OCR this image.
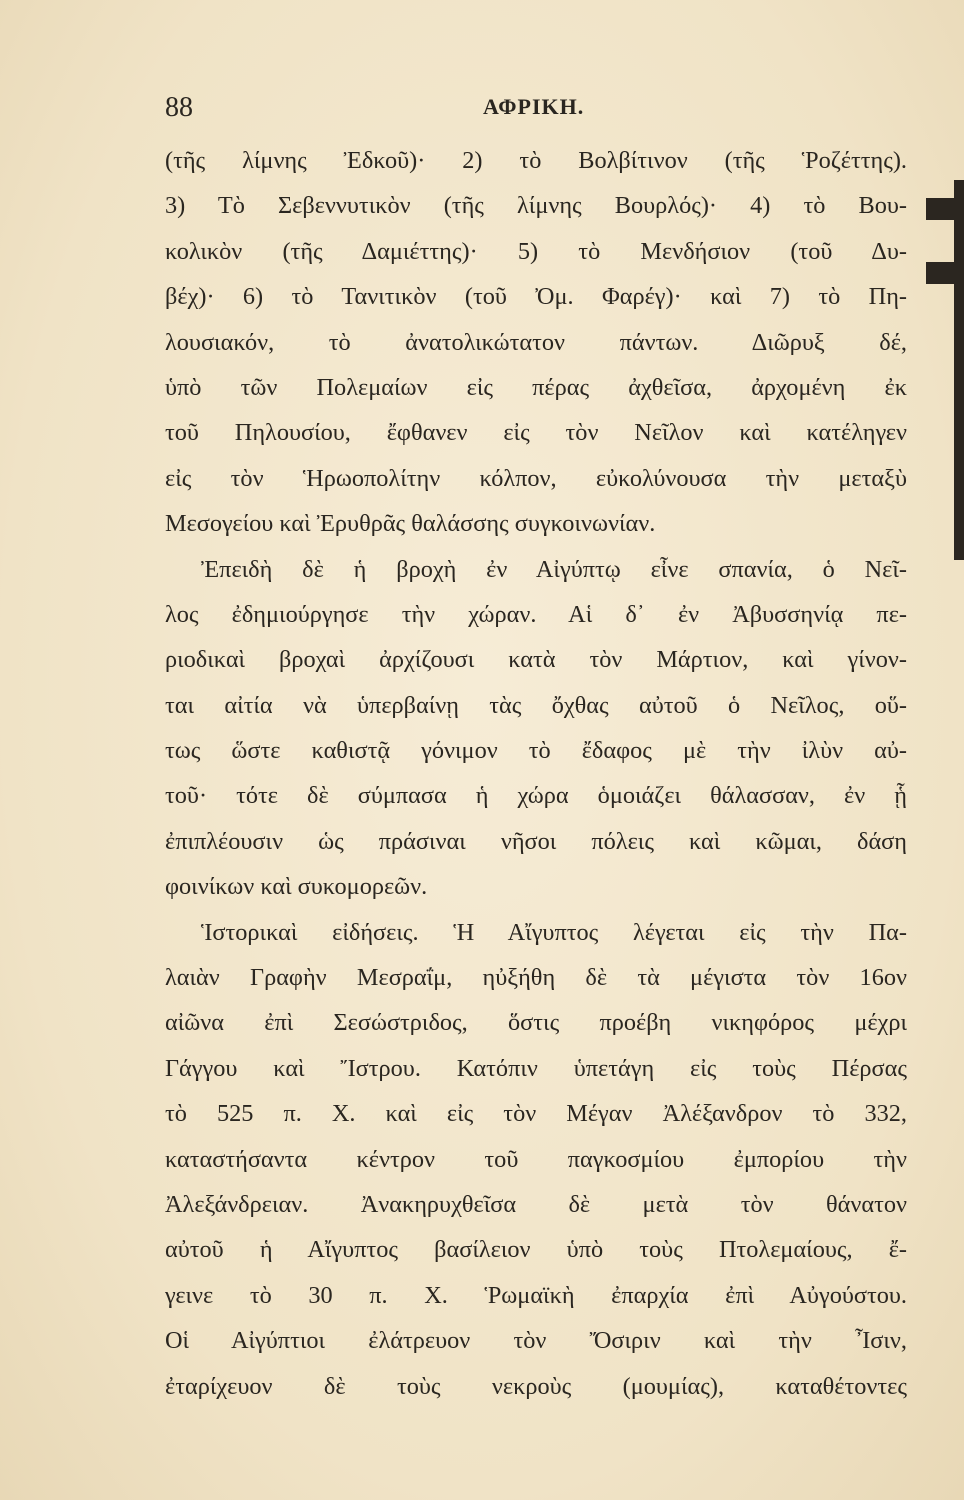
88	ΑΦΡΙΚΗ.
(τῆς λίμνης Ἐδκοῦ)· 2) τὸ Βολβίτινον (τῆς Ῥοζέττης).
3) Τὸ Σεβεννυτικὸν (τῆς λίμνης Βουρλός)· 4) τὸ Βου-
κολικὸν (τῆς Δαμιέττης)· 5) τὸ Μενδήσιον (τοῦ Δυ-
βέχ)· 6) τὸ Τανιτικὸν (τοῦ Ὀμ. Φαρέγ)· καὶ 7) τὸ Πη-
λουσιακόν, τὸ ἀνατολικώτατον πάντων. Διῶρυξ δέ,
ὑπὸ τῶν Πολεμαίων εἰς πέρας ἀχθεῖσα, ἀρχομένη ἐκ
τοῦ Πηλουσίου, ἔφθανεν εἰς τὸν Νεῖλον καὶ κατέληγεν
εἰς τὸν Ἡρωοπολίτην κόλπον, εὐκολύνουσα τὴν μεταξὺ
Μεσογείου καὶ Ἐρυθρᾶς θαλάσσης συγκοινωνίαν.
Ἐπειδὴ δὲ ἡ βροχὴ ἐν Αἰγύπτῳ εἶνε σπανία, ὁ Νεῖ-
λος ἐδημιούργησε τὴν χώραν. Αἱ δ᾽ ἐν Ἀβυσσηνίᾳ πε-
ριοδικαὶ βροχαὶ ἀρχίζουσι κατὰ τὸν Μάρτιον, καὶ γίνον-
ται αἰτία νὰ ὑπερβαίνῃ τὰς ὄχθας αὐτοῦ ὁ Νεῖλος, οὕ-
τως ὥστε καθιστᾷ γόνιμον τὸ ἔδαφος μὲ τὴν ἰλὺν αὐ-
τοῦ· τότε δὲ σύμπασα ἡ χώρα ὁμοιάζει θάλασσαν, ἐν ᾗ
ἐπιπλέουσιν ὡς πράσιναι νῆσοι πόλεις καὶ κῶμαι, δάση
φοινίκων καὶ συκομορεῶν.
Ἱστορικαὶ εἰδήσεις. Ἡ Αἴγυπτος λέγεται εἰς τὴν Πα-
λαιὰν Γραφὴν Μεσραΐμ, ηὐξήθη δὲ τὰ μέγιστα τὸν 16ον
αἰῶνα ἐπὶ Σεσώστριδος, ὅστις προέβη νικηφόρος μέχρι
Γάγγου καὶ Ἴστρου. Κατόπιν ὑπετάγη εἰς τοὺς Πέρσας
τὸ 525 π. Χ. καὶ εἰς τὸν Μέγαν Ἀλέξανδρον τὸ 332,
καταστήσαντα κέντρον τοῦ παγκοσμίου ἐμπορίου τὴν
Ἀλεξάνδρειαν. Ἀνακηρυχθεῖσα δὲ μετὰ τὸν θάνατον
αὐτοῦ ἡ Αἴγυπτος βασίλειον ὑπὸ τοὺς Πτολεμαίους, ἔ-
γεινε τὸ 30 π. Χ. Ῥωμαϊκὴ ἐπαρχία ἐπὶ Αὐγούστου.
Οἱ Αἰγύπτιοι ἐλάτρευον τὸν Ὄσιριν καὶ τὴν Ἶσιν,
ἐταρίχευον δὲ τοὺς νεκροὺς (μουμίας), καταθέτοντες
